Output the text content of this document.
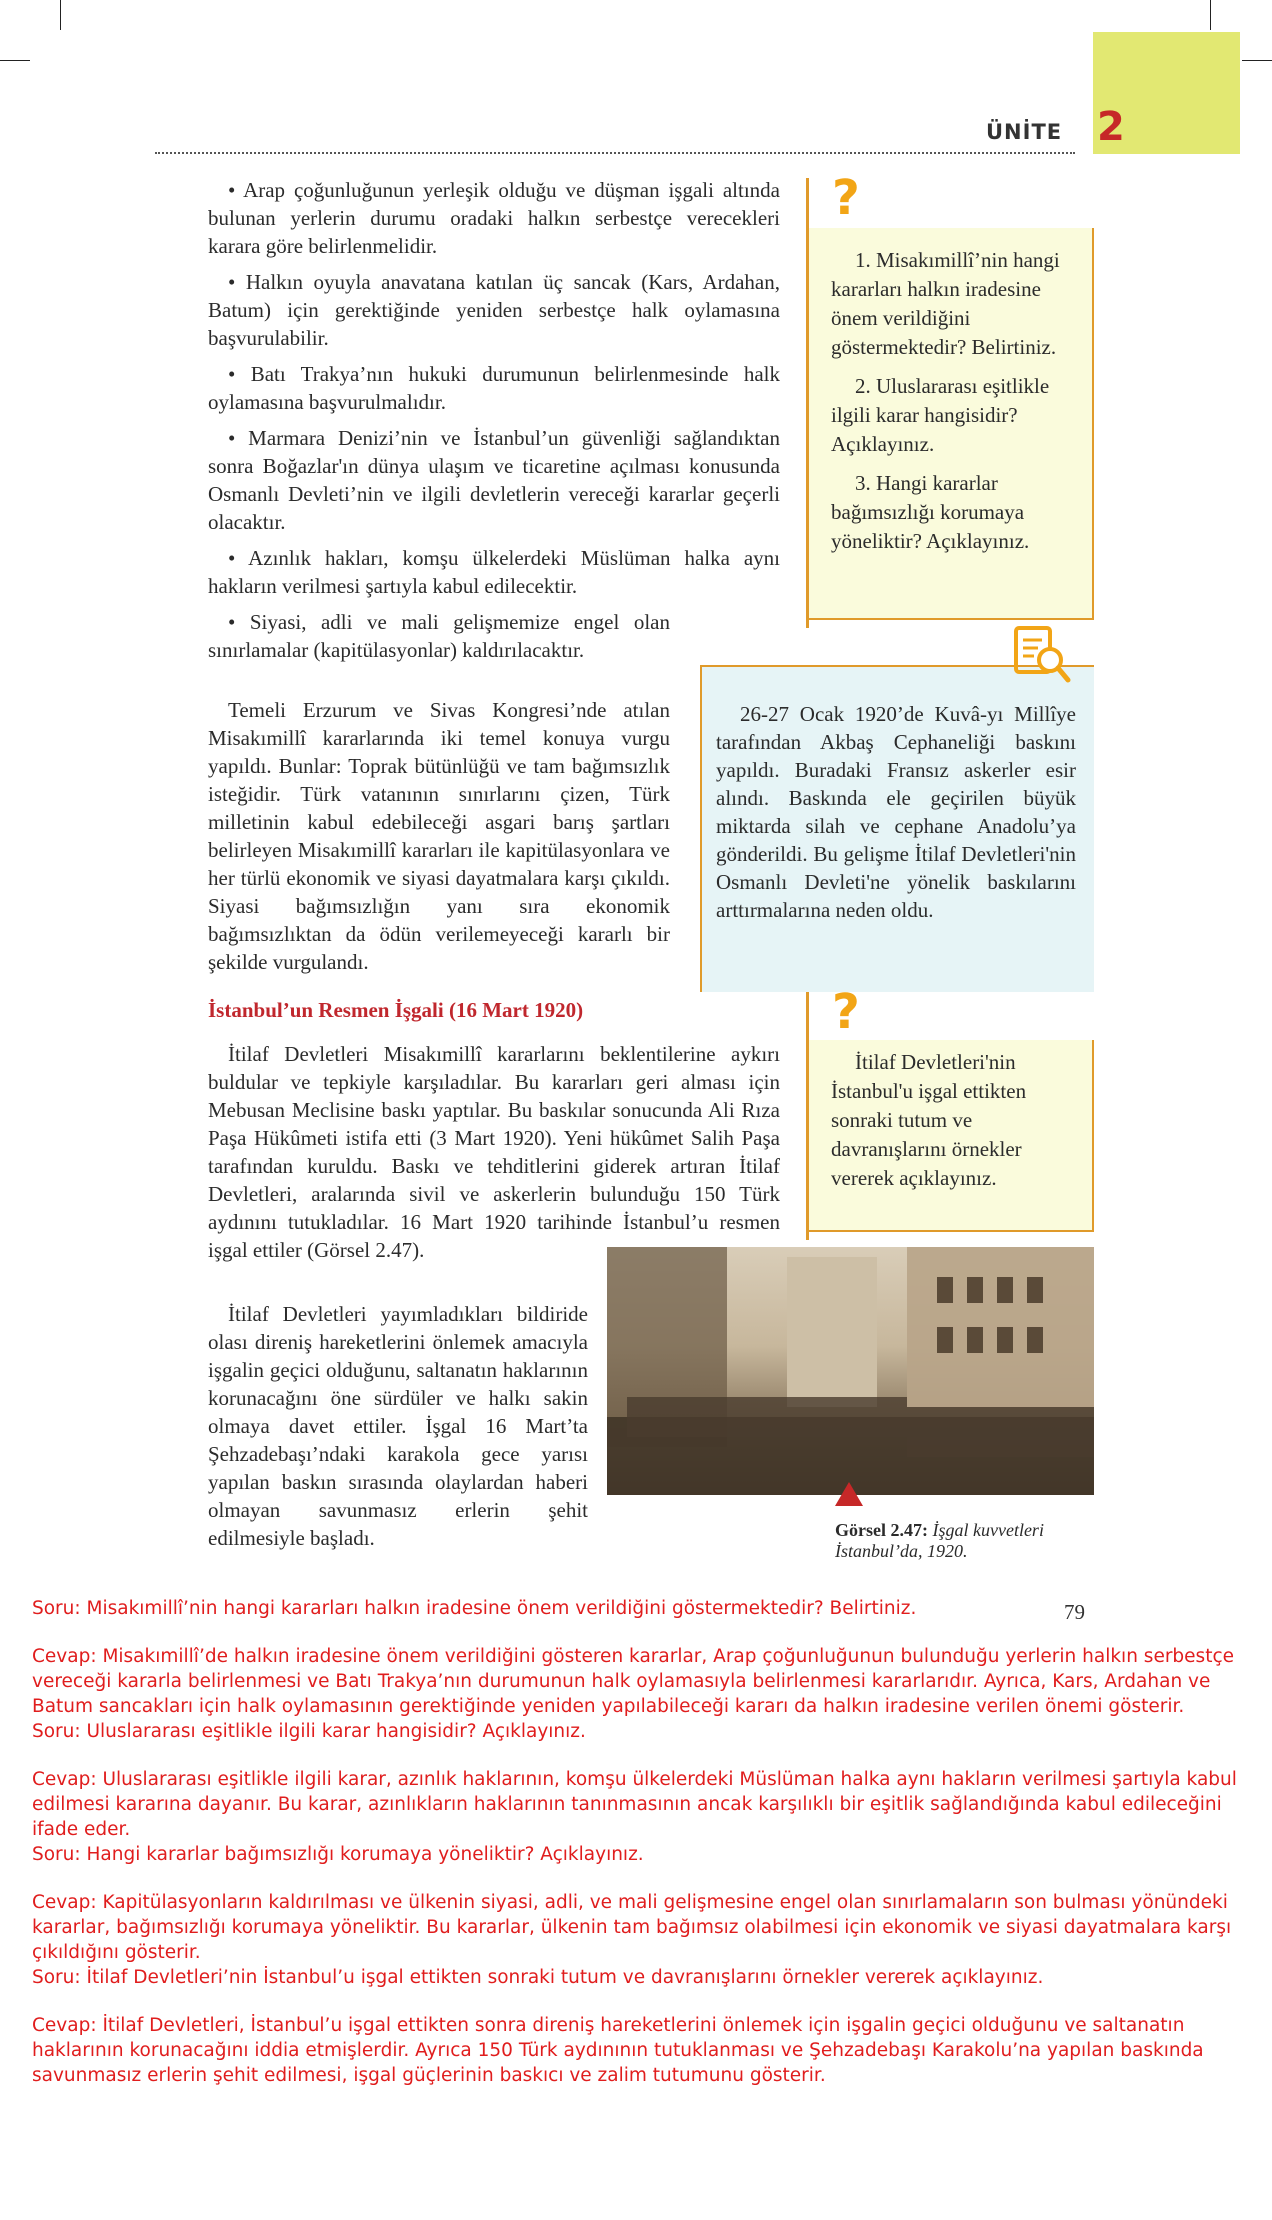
ÜNİTE 2

• Arap çoğunluğunun yerleşik olduğu ve düşman işgali altında bulunan yerlerin durumu oradaki halkın serbestçe verecekleri karara göre belirlenmelidir.

• Halkın oyuyla anavatana katılan üç sancak (Kars, Ardahan, Batum) için gerektiğinde yeniden serbestçe halk oylamasına başvurulabilir.

• Batı Trakya’nın hukuki durumunun belirlenmesinde halk oylamasına başvurulmalıdır.

• Marmara Denizi’nin ve İstanbul’un güvenliği sağlandıktan sonra Boğazlar'ın dünya ulaşım ve ticaretine açılması konusunda Osmanlı Devleti’nin ve ilgili devletlerin vereceği kararlar geçerli olacaktır.

• Azınlık hakları, komşu ülkelerdeki Müslüman halka aynı hakların verilmesi şartıyla kabul edilecektir.

• Siyasi, adli ve mali gelişmemize engel olan sınırlamalar (kapitülasyonlar) kaldırılacaktır.

Temeli Erzurum ve Sivas Kongresi’nde atılan Misakımillî kararlarında iki temel konuya vurgu yapıldı. Bunlar: Toprak bütünlüğü ve tam bağımsızlık isteğidir. Türk vatanının sınırlarını çizen, Türk milletinin kabul edebileceği asgari barış şartları belirleyen Misakımillî kararları ile kapitülasyonlara ve her türlü ekonomik ve siyasi dayatmalara karşı çıkıldı. Siyasi bağımsızlığın yanı sıra ekonomik bağımsızlıktan da ödün verilemeyeceği kararlı bir şekilde vurgulandı.

İstanbul’un Resmen İşgali (16 Mart 1920)

İtilaf Devletleri Misakımillî kararlarını beklentilerine aykırı buldular ve tepkiyle karşıladılar. Bu kararları geri alması için Mebusan Meclisine baskı yaptılar. Bu baskılar sonucunda Ali Rıza Paşa Hükûmeti istifa etti (3 Mart 1920). Yeni hükûmet Salih Paşa tarafından kuruldu. Baskı ve tehditlerini giderek artıran İtilaf Devletleri, aralarında sivil ve askerlerin bulunduğu 150 Türk aydınını tutukladılar. 16 Mart 1920 tarihinde İstanbul’u resmen işgal ettiler (Görsel 2.47).

İtilaf Devletleri yayımladıkları bildiride olası direniş hareketlerini önlemek amacıyla işgalin geçici olduğunu, saltanatın haklarının korunacağını öne sürdüler ve halkı sakin olmaya davet ettiler. İşgal 16 Mart’ta Şehzadebaşı’ndaki karakola gece yarısı yapılan baskın sırasında olaylardan haberi olmayan savunmasız erlerin şehit edilmesiyle başladı.

?

1. Misakımillî’nin hangi kararları halkın iradesine önem verildiğini göstermektedir? Belirtiniz.

2. Uluslararası eşitlikle ilgili karar hangisidir? Açıklayınız.

3. Hangi kararlar bağımsızlığı korumaya yöneliktir? Açıklayınız.

26-27 Ocak 1920’de Kuvâ-yı Millîye tarafından Akbaş Cephaneliği baskını yapıldı. Buradaki Fransız askerler esir alındı. Baskında ele geçirilen büyük miktarda silah ve cephane Anadolu’ya gönderildi. Bu gelişme İtilaf Devletleri'nin Osmanlı Devleti'ne yönelik baskılarını arttırmalarına neden oldu.

?

İtilaf Devletleri'nin İstanbul'u işgal ettikten sonraki tutum ve davranışlarını örnekler vererek açıklayınız.

Görsel 2.47: İşgal kuvvetleri İstanbul’da, 1920.
79

Soru: Misakımillî’nin hangi kararları halkın iradesine önem verildiğini göstermektedir? Belirtiniz.

Cevap: Misakımillî’de halkın iradesine önem verildiğini gösteren kararlar, Arap çoğunluğunun bulunduğu yerlerin halkın serbestçe vereceği kararla belirlenmesi ve Batı Trakya’nın durumunun halk oylamasıyla belirlenmesi kararlarıdır. Ayrıca, Kars, Ardahan ve Batum sancakları için halk oylamasının gerektiğinde yeniden yapılabileceği kararı da halkın iradesine verilen önemi gösterir.

Soru: Uluslararası eşitlikle ilgili karar hangisidir? Açıklayınız.

Cevap: Uluslararası eşitlikle ilgili karar, azınlık haklarının, komşu ülkelerdeki Müslüman halka aynı hakların verilmesi şartıyla kabul edilmesi kararına dayanır. Bu karar, azınlıkların haklarının tanınmasının ancak karşılıklı bir eşitlik sağlandığında kabul edileceğini ifade eder.

Soru: Hangi kararlar bağımsızlığı korumaya yöneliktir? Açıklayınız.

Cevap: Kapitülasyonların kaldırılması ve ülkenin siyasi, adli, ve mali gelişmesine engel olan sınırlamaların son bulması yönündeki kararlar, bağımsızlığı korumaya yöneliktir. Bu kararlar, ülkenin tam bağımsız olabilmesi için ekonomik ve siyasi dayatmalara karşı çıkıldığını gösterir.

Soru: İtilaf Devletleri’nin İstanbul’u işgal ettikten sonraki tutum ve davranışlarını örnekler vererek açıklayınız.

Cevap: İtilaf Devletleri, İstanbul’u işgal ettikten sonra direniş hareketlerini önlemek için işgalin geçici olduğunu ve saltanatın haklarının korunacağını iddia etmişlerdir. Ayrıca 150 Türk aydınının tutuklanması ve Şehzadebaşı Karakolu’na yapılan baskında savunmasız erlerin şehit edilmesi, işgal güçlerinin baskıcı ve zalim tutumunu gösterir.
